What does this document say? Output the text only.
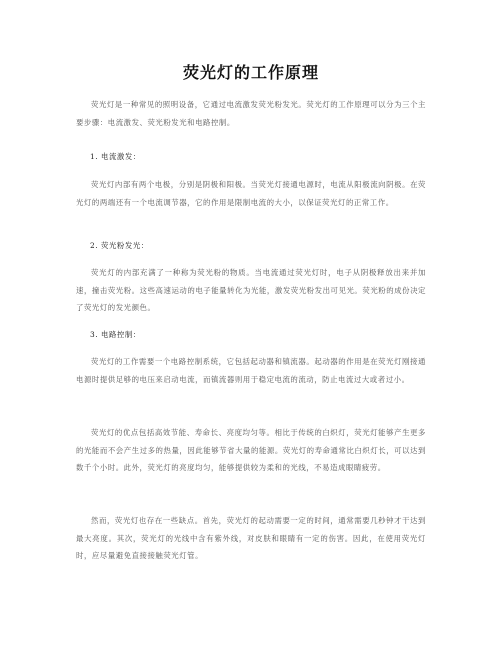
荧光灯的工作原理

荧光灯是一种常见的照明设备，它通过电流激发荧光粉发光。荧光灯的工作原理可以分为三个主要步骤：电流激发、荧光粉发光和电路控制。

1. 电流激发：

荧光灯内部有两个电极，分别是阴极和阳极。当荧光灯接通电源时，电流从阳极流向阴极。在荧光灯的两端还有一个电流调节器，它的作用是限制电流的大小，以保证荧光灯的正常工作。

2. 荧光粉发光：

荧光灯的内部充满了一种称为荧光粉的物质。当电流通过荧光灯时，电子从阴极释放出来并加速，撞击荧光粉。这些高速运动的电子能量转化为光能，激发荧光粉发出可见光。荧光粉的成份决定了荧光灯的发光颜色。

3. 电路控制：

荧光灯的工作需要一个电路控制系统，它包括起动器和镇流器。起动器的作用是在荧光灯刚接通电源时提供足够的电压来启动电流，而镇流器则用于稳定电流的流动，防止电流过大或者过小。

荧光灯的优点包括高效节能、寿命长、亮度均匀等。相比于传统的白炽灯，荧光灯能够产生更多的光能而不会产生过多的热量，因此能够节省大量的能源。荧光灯的寿命通常比白炽灯长，可以达到数千个小时。此外，荧光灯的亮度均匀，能够提供较为柔和的光线，不易造成眼睛疲劳。

然而，荧光灯也存在一些缺点。首先，荧光灯的起动需要一定的时间，通常需要几秒钟才干达到最大亮度。其次，荧光灯的光线中含有紫外线，对皮肤和眼睛有一定的伤害。因此，在使用荧光灯时，应尽量避免直接接触荧光灯管。
